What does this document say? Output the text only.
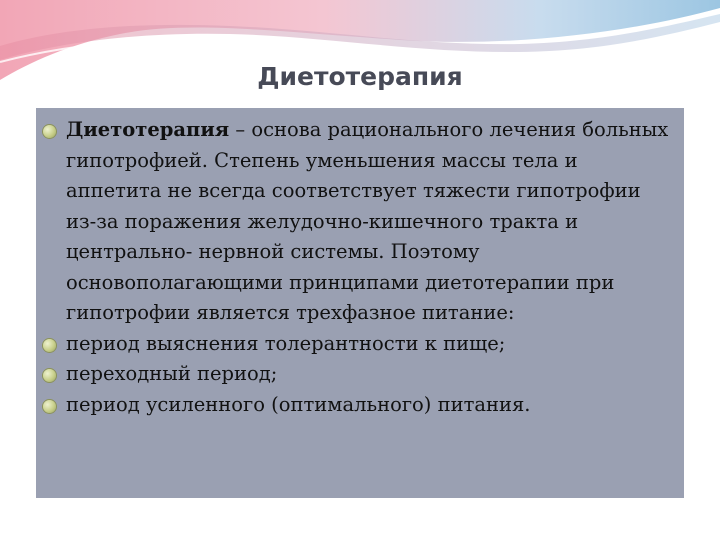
Диетотерапия
Диетотерапия – основа рационального лечения больных гипотрофией. Степень уменьшения массы тела и аппетита не всегда соответствует тяжести гипотрофии из-за поражения желудочно-кишечного тракта и центрально- нервной системы. Поэтому основополагающими принципами диетотерапии при гипотрофии является трехфазное питание:
период выяснения толерантности к пище;
переходный период;
период усиленного (оптимального) питания.
